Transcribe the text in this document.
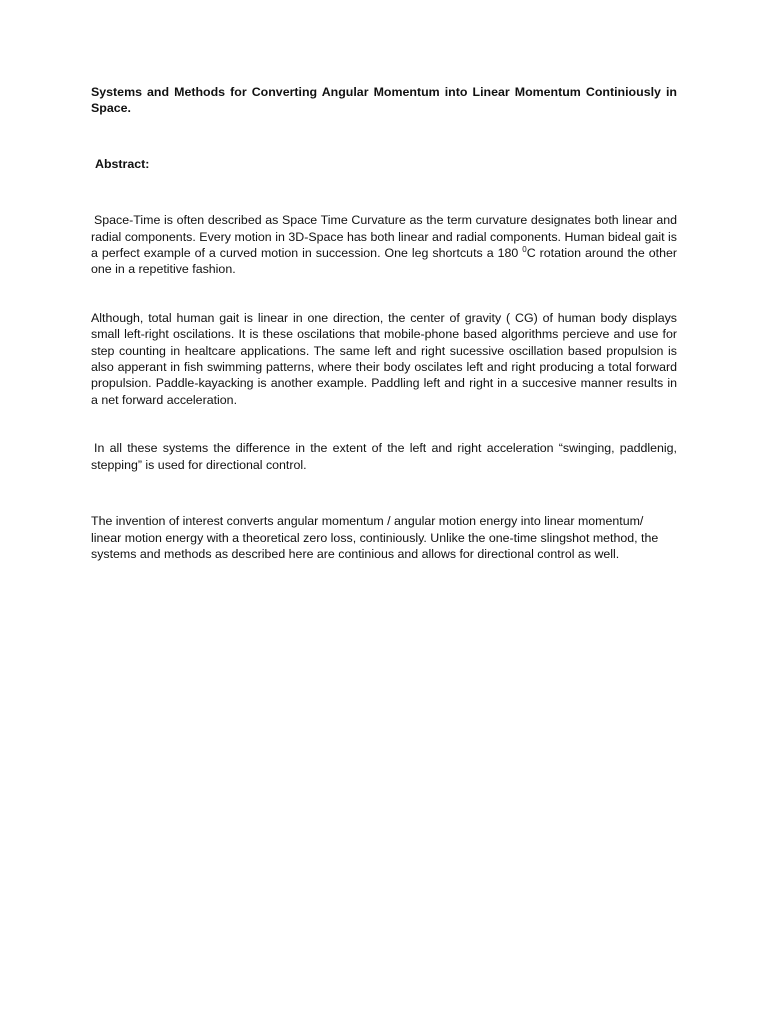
Systems and Methods for Converting Angular Momentum into Linear Momentum Continiously in Space.

Abstract:

Space-Time is often described as Space Time Curvature as the term curvature designates both linear and radial components. Every motion in 3D-Space has both linear and radial components. Human bideal gait is a perfect example of a curved motion in succession. One leg shortcuts a 180 $^0$C rotation around the other one in a repetitive fashion.

Although, total human gait is linear in one direction, the center of gravity ( CG) of human body displays small left-right oscilations. It is these oscilations that mobile-phone based algorithms percieve and use for step counting in healtcare applications. The same left and right sucessive oscillation based propulsion is also apperant in fish swimming patterns, where their body oscilates left and right producing a total forward propulsion. Paddle-kayacking is another example. Paddling left and right in a succesive manner results in a net forward acceleration.

In all these systems the difference in the extent of the left and right acceleration “swinging, paddlenig, stepping” is used for directional control.

The invention of interest converts angular momentum / angular motion energy into linear momentum/ linear motion energy with a theoretical zero loss, continiously. Unlike the one-time slingshot method, the systems and methods as described here are continious and allows for directional control as well.
